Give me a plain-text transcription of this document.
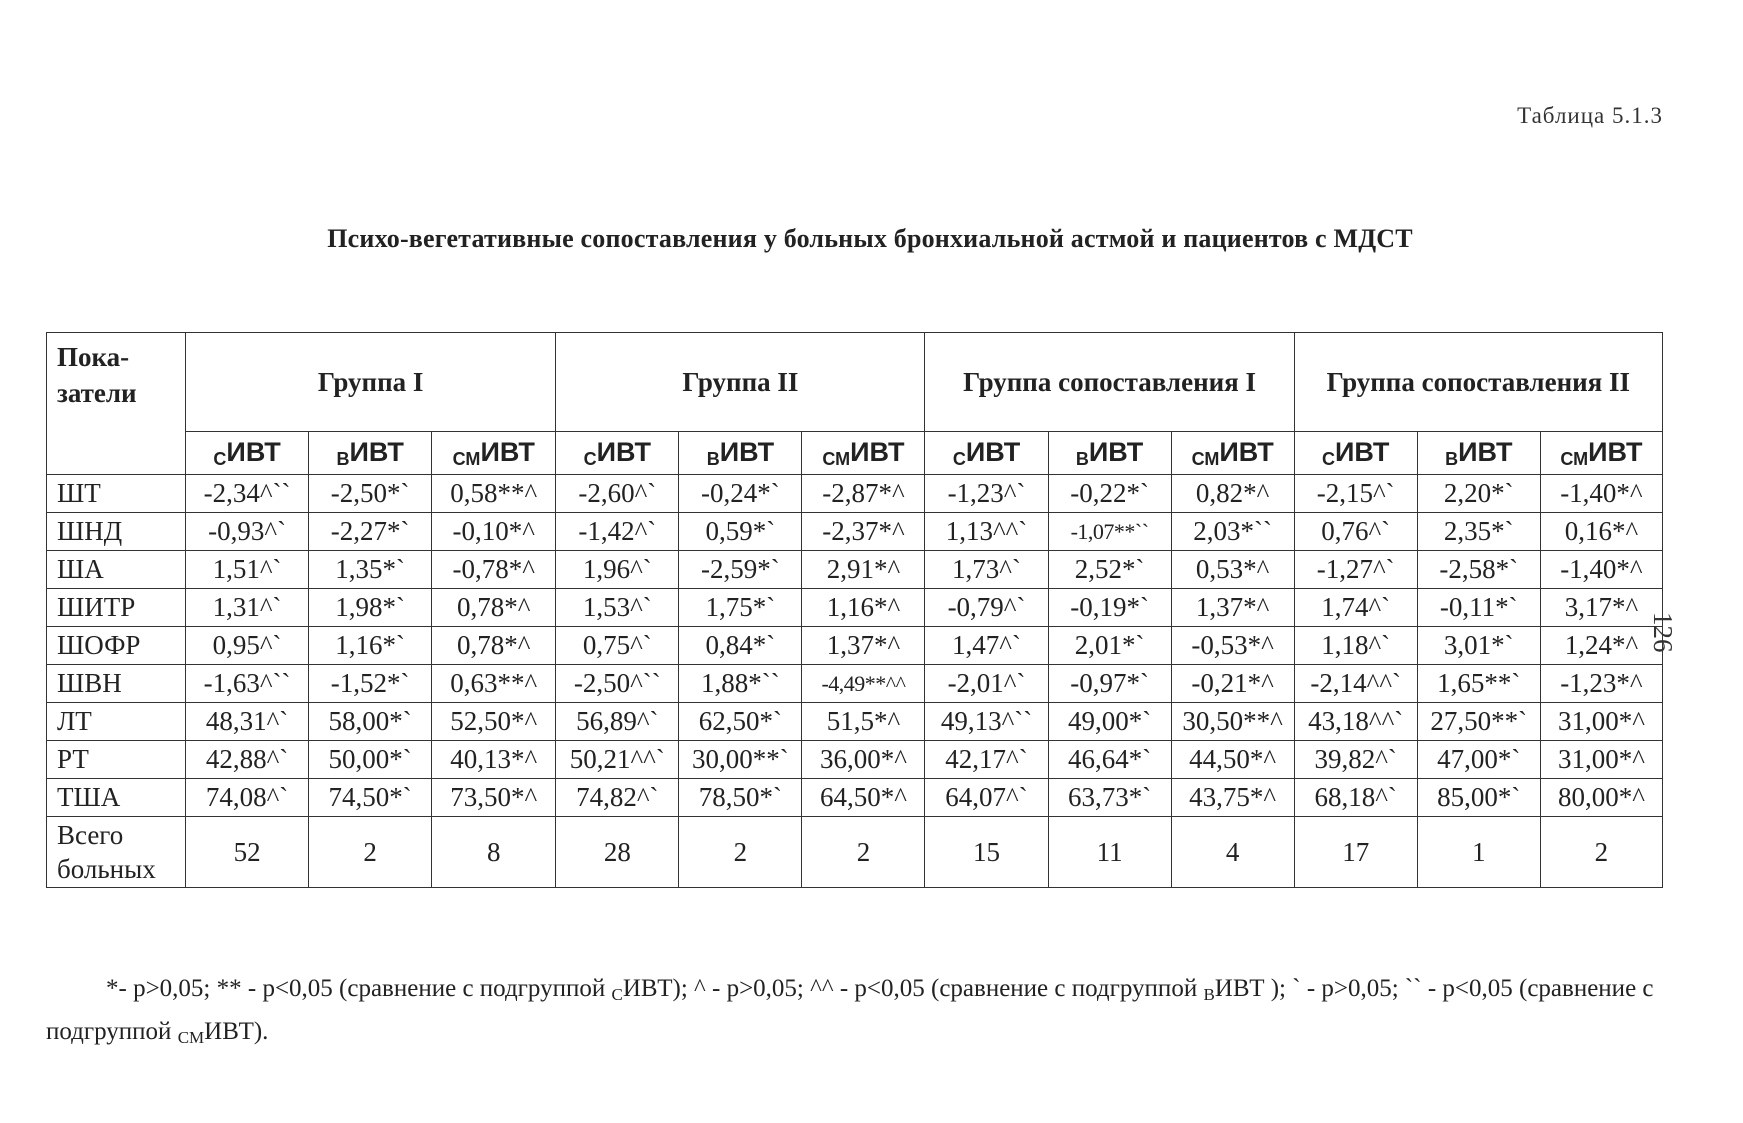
Таблица 5.1.3
Психо-вегетативные сопоставления у больных бронхиальной астмой и пациентов с МДСТ
Пока-
затели	Группа I			Группа II			Группа сопоставления I			Группа сопоставления II		
	$_С$ИВТ	$_В$ИВТ	$_{СМ}$ИВТ	$_С$ИВТ	$_В$ИВТ	$_{СМ}$ИВТ	$_С$ИВТ	$_В$ИВТ	$_{СМ}$ИВТ	$_С$ИВТ	$_В$ИВТ	$_{СМ}$ИВТ
ШТ	-2,34^``	-2,50*`	0,58**^	-2,60^`	-0,24*`	-2,87*^	-1,23^`	-0,22*`	0,82*^	-2,15^`	2,20*`	-1,40*^
ШНД	-0,93^`	-2,27*`	-0,10*^	-1,42^`	0,59*`	-2,37*^	1,13^^`	-1,07**``	2,03*``	0,76^`	2,35*`	0,16*^
ША	1,51^`	1,35*`	-0,78*^	1,96^`	-2,59*`	2,91*^	1,73^`	2,52*`	0,53*^	-1,27^`	-2,58*`	-1,40*^
ШИТР	1,31^`	1,98*`	0,78*^	1,53^`	1,75*`	1,16*^	-0,79^`	-0,19*`	1,37*^	1,74^`	-0,11*`	3,17*^
ШОФР	0,95^`	1,16*`	0,78*^	0,75^`	0,84*`	1,37*^	1,47^`	2,01*`	-0,53*^	1,18^`	3,01*`	1,24*^
ШВН	-1,63^``	-1,52*`	0,63**^	-2,50^``	1,88*``	-4,49**^^	-2,01^`	-0,97*`	-0,21*^	-2,14^^`	1,65**`	-1,23*^
ЛТ	48,31^`	58,00*`	52,50*^	56,89^`	62,50*`	51,5*^	49,13^``	49,00*`	30,50**^	43,18^^`	27,50**`	31,00*^
РТ	42,88^`	50,00*`	40,13*^	50,21^^`	30,00**`	36,00*^	42,17^`	46,64*`	44,50*^	39,82^`	47,00*`	31,00*^
ТША	74,08^`	74,50*`	73,50*^	74,82^`	78,50*`	64,50*^	64,07^`	63,73*`	43,75*^	68,18^`	85,00*`	80,00*^
Всего больных	52	2	8	28	2	2	15	11	4	17	1	2

*- p>0,05; ** - p<0,05 (сравнение с подгруппой $_С$ИВТ); ^ - p>0,05; ^^ - p<0,05 (сравнение с подгруппой $_В$ИВТ ); ` - p>0,05; `` - p<0,05 (сравнение с подгруппой $_{СМ}$ИВТ).

126
